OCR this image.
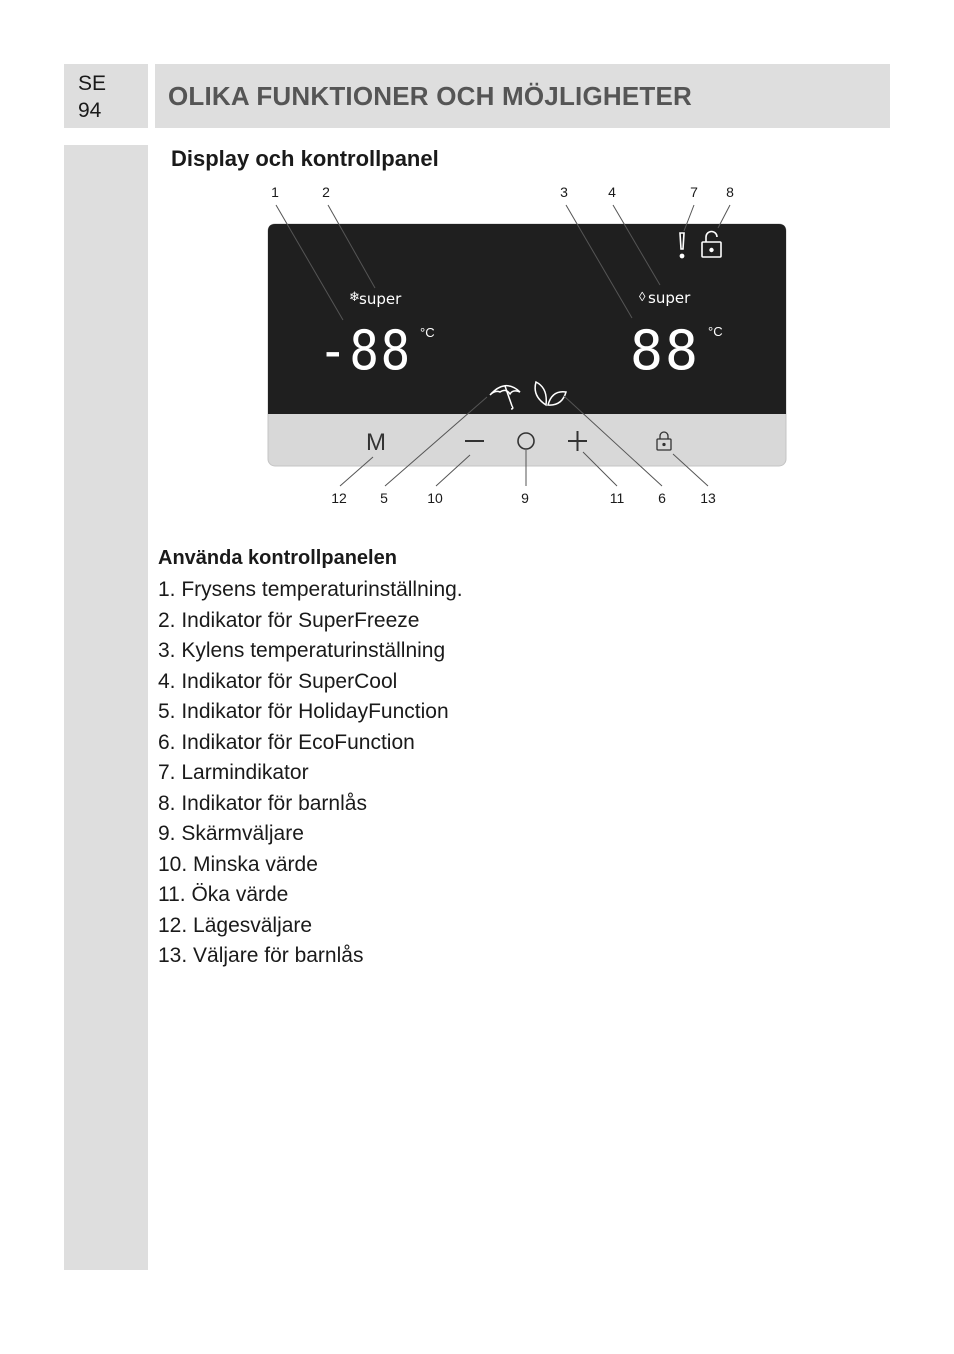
SE
94	OLIKA FUNKTIONER OCH MÖJLIGHETER
Display och kontrollpanel
1	2	3	4	7 8
12 5	10	9	11 6 13
❄ super	◊ super
-88 °C	88 °C
M
Använda kontrollpanelen
1. Frysens temperaturinställning.
2. Indikator för SuperFreeze
3. Kylens temperaturinställning
4. Indikator för SuperCool
5. Indikator för HolidayFunction
6. Indikator för EcoFunction
7. Larmindikator
8. Indikator för barnlås
9. Skärmväljare
10. Minska värde
11. Öka värde
12. Lägesväljare
13. Väljare för barnlås
